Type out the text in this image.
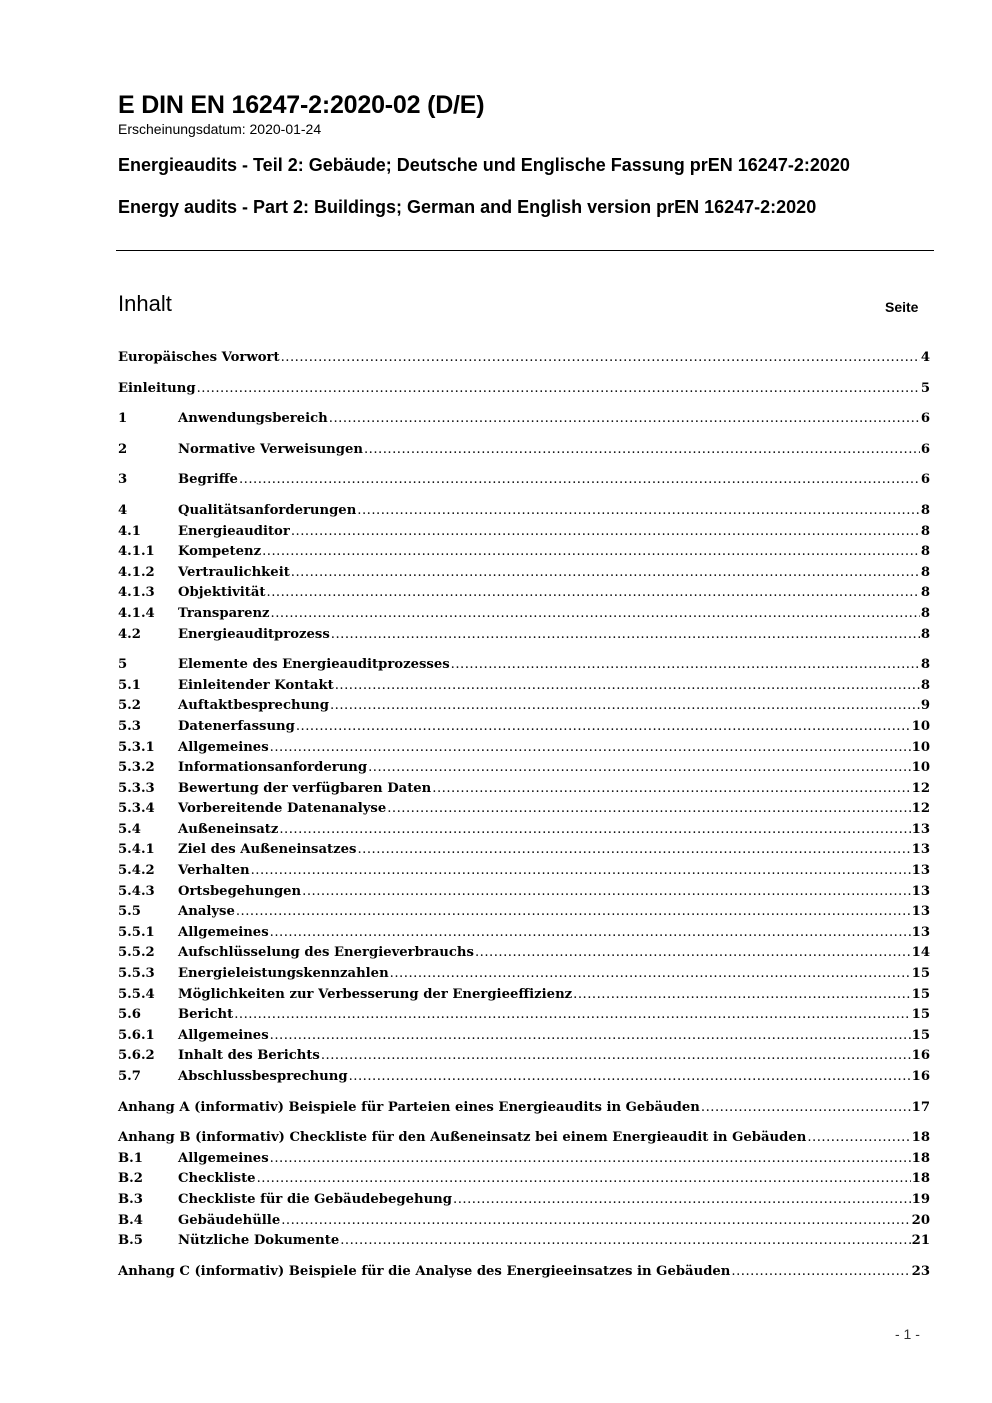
E DIN EN 16247-2:2020-02 (D/E)

Erscheinungsdatum: 2020-01-24

Energieaudits - Teil 2: Gebäude; Deutsche und Englische Fassung prEN 16247-2:2020

Energy audits - Part 2: Buildings; German and English version prEN 16247-2:2020

Inhalt	Seite
Europäisches Vorwort .....	4
Einleitung .....	5
1	Anwendungsbereich .....	6
2	Normative Verweisungen .....	6
3	Begriffe .....	6
4	Qualitätsanforderungen .....	8
4.1	Energieauditor .....	8
4.1.1	Kompetenz .....	8
4.1.2	Vertraulichkeit .....	8
4.1.3	Objektivität .....	8
4.1.4	Transparenz .....	8
4.2	Energieauditprozess .....	8
5	Elemente des Energieauditprozesses .....	8
5.1	Einleitender Kontakt .....	8
5.2	Auftaktbesprechung .....	9
5.3	Datenerfassung .....	10
5.3.1	Allgemeines .....	10
5.3.2	Informationsanforderung .....	10
5.3.3	Bewertung der verfügbaren Daten .....	12
5.3.4	Vorbereitende Datenanalyse .....	12
5.4	Außeneinsatz .....	13
5.4.1	Ziel des Außeneinsatzes .....	13
5.4.2	Verhalten .....	13
5.4.3	Ortsbegehungen .....	13
5.5	Analyse .....	13
5.5.1	Allgemeines .....	13
5.5.2	Aufschlüsselung des Energieverbrauchs .....	14
5.5.3	Energieleistungskennzahlen .....	15
5.5.4	Möglichkeiten zur Verbesserung der Energieeffizienz .....	15
5.6	Bericht .....	15
5.6.1	Allgemeines .....	15
5.6.2	Inhalt des Berichts .....	16
5.7	Abschlussbesprechung .....	16
Anhang A (informativ) Beispiele für Parteien eines Energieaudits in Gebäuden .....	17
Anhang B (informativ) Checkliste für den Außeneinsatz bei einem Energieaudit in Gebäuden .....	18
B.1	Allgemeines .....	18
B.2	Checkliste .....	18
B.3	Checkliste für die Gebäudebegehung .....	19
B.4	Gebäudehülle .....	20
B.5	Nützliche Dokumente .....	21
Anhang C (informativ) Beispiele für die Analyse des Energieeinsatzes in Gebäuden .....	23
- 1 -
